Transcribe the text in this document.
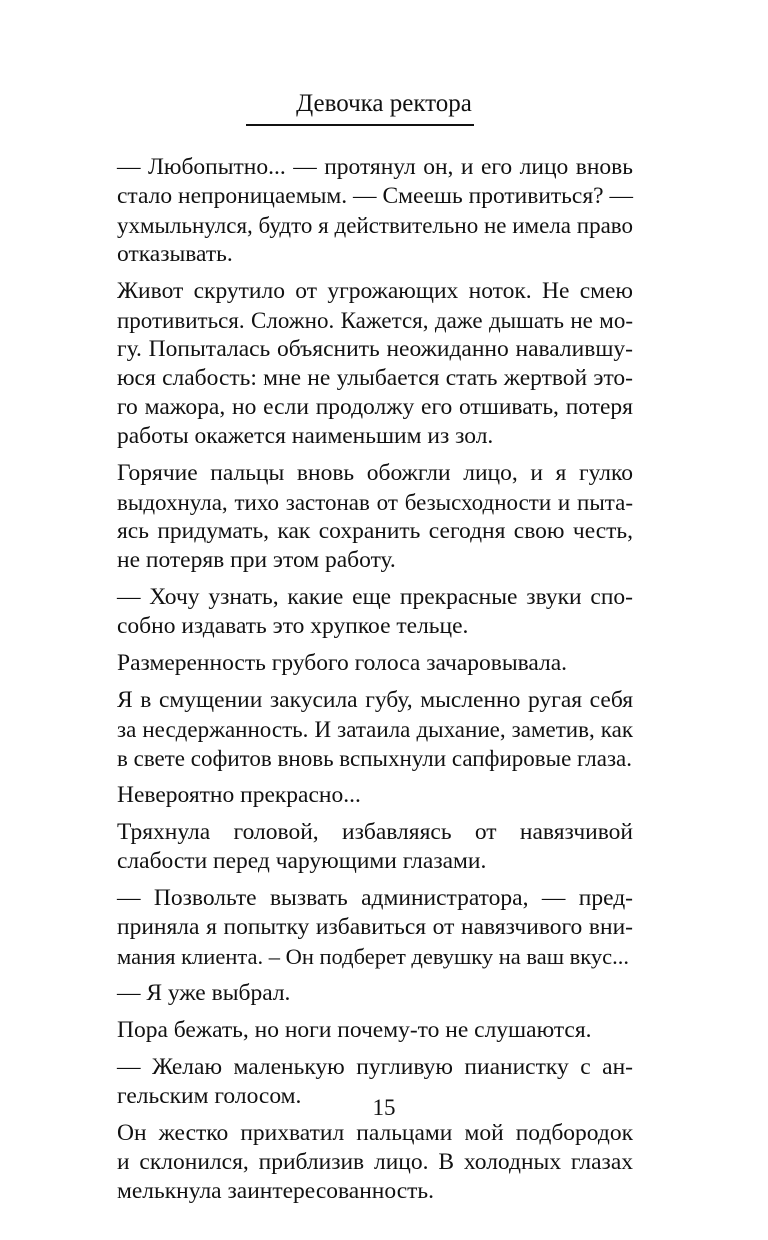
Девочка ректора
— Любопытно... — протянул он, и его лицо вновь
стало непроницаемым. — Смеешь противиться? —
ухмыльнулся, будто я действительно не имела право
отказывать.
Живот скрутило от угрожающих ноток. Не смею
противиться. Сложно. Кажется, даже дышать не мо-
гу. Попыталась объяснить неожиданно навалившу-
юся слабость: мне не улыбается стать жертвой это-
го мажора, но если продолжу его отшивать, потеря
работы окажется наименьшим из зол.
Горячие пальцы вновь обожгли лицо, и я гулко
выдохнула, тихо застонав от безысходности и пыта-
ясь придумать, как сохранить сегодня свою честь,
не потеряв при этом работу.
— Хочу узнать, какие еще прекрасные звуки спо-
собно издавать это хрупкое тельце.
Размеренность грубого голоса зачаровывала.
Я в смущении закусила губу, мысленно ругая себя
за несдержанность. И затаила дыхание, заметив, как
в свете софитов вновь вспыхнули сапфировые глаза.
Невероятно прекрасно...
Тряхнула головой, избавляясь от навязчивой
слабости перед чарующими глазами.
— Позвольте вызвать администратора, — пред-
приняла я попытку избавиться от навязчивого вни-
мания клиента. – Он подберет девушку на ваш вкус...
— Я уже выбрал.
Пора бежать, но ноги почему-то не слушаются.
— Желаю маленькую пугливую пианистку с ан-
гельским голосом.
Он жестко прихватил пальцами мой подбородок
и склонился, приблизив лицо. В холодных глазах
мелькнула заинтересованность.
15
